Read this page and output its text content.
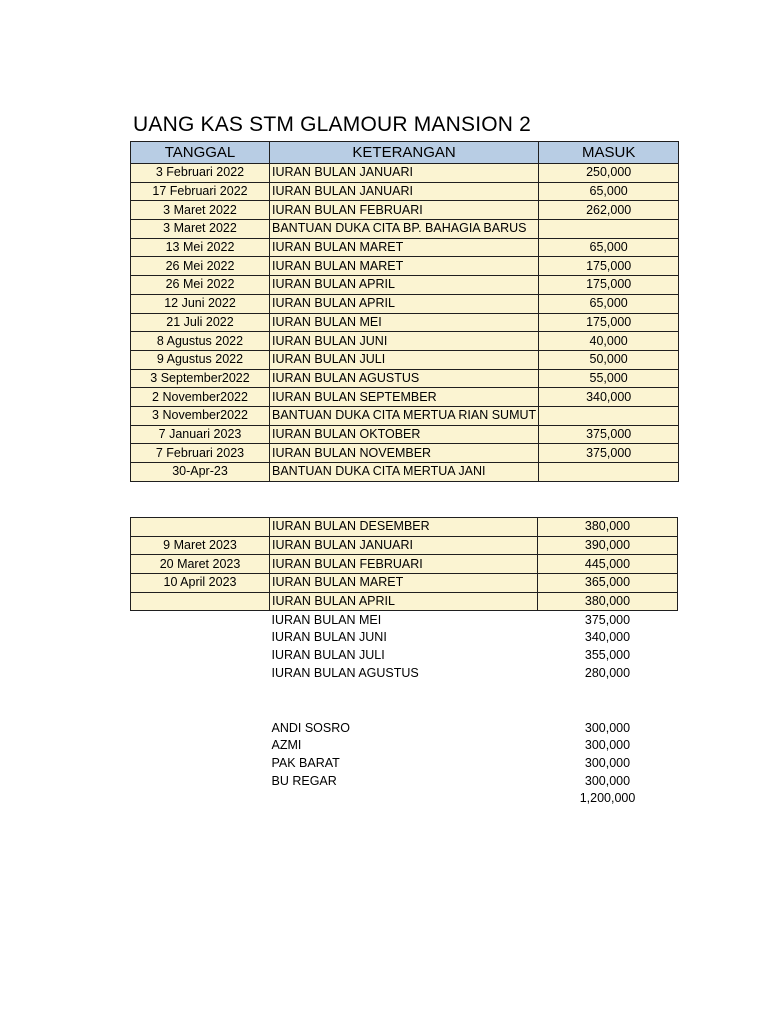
UANG KAS STM GLAMOUR MANSION 2
TANGGAL	KETERANGAN	MASUK
3 Februari 2022	IURAN BULAN JANUARI	250,000
17 Februari 2022	IURAN BULAN JANUARI	65,000
3 Maret 2022	IURAN BULAN FEBRUARI	262,000
3 Maret 2022	BANTUAN DUKA CITA BP. BAHAGIA BARUS	
13 Mei 2022	IURAN BULAN MARET	65,000
26 Mei 2022	IURAN BULAN MARET	175,000
26 Mei 2022	IURAN BULAN APRIL	175,000
12 Juni 2022	IURAN BULAN APRIL	65,000
21 Juli 2022	IURAN BULAN MEI	175,000
8 Agustus 2022	IURAN BULAN JUNI	40,000
9 Agustus 2022	IURAN BULAN JULI	50,000
3 September2022	IURAN BULAN AGUSTUS	55,000
2 November2022	IURAN BULAN SEPTEMBER	340,000
3 November2022	BANTUAN DUKA CITA MERTUA RIAN SUMUT	
7 Januari 2023	IURAN BULAN OKTOBER	375,000
7 Februari 2023	IURAN BULAN NOVEMBER	375,000
30-Apr-23	BANTUAN DUKA CITA MERTUA JANI	
	IURAN BULAN DESEMBER	380,000
9 Maret 2023	IURAN BULAN JANUARI	390,000
20 Maret 2023	IURAN BULAN FEBRUARI	445,000
10 April 2023	IURAN BULAN MARET	365,000
	IURAN BULAN APRIL	380,000
	IURAN BULAN MEI	375,000
	IURAN BULAN JUNI	340,000
	IURAN BULAN JULI	355,000
	IURAN BULAN AGUSTUS	280,000

	ANDI SOSRO	300,000
	AZMI	300,000
	PAK BARAT	300,000
	BU REGAR	300,000
		1,200,000
